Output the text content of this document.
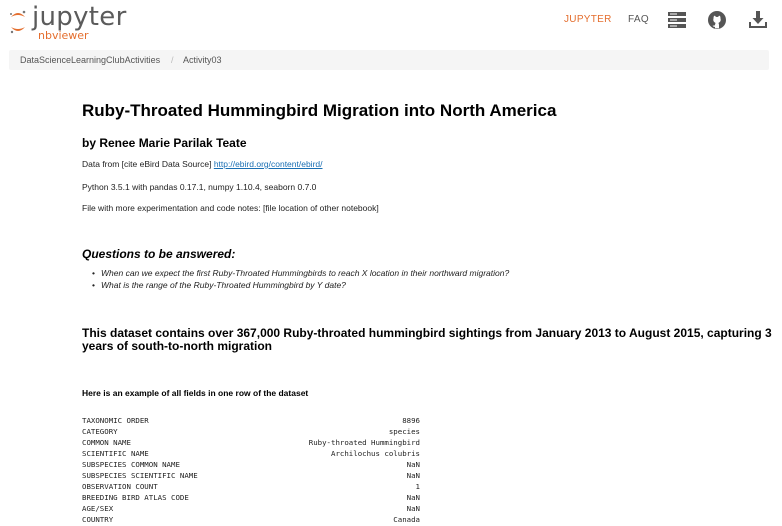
jupyter
nbviewer
JUPYTER FAQ
DataScienceLearningClubActivities / Activity03
Ruby-Throated Hummingbird Migration into North America
by Renee Marie Parilak Teate
Data from [cite eBird Data Source] http://ebird.org/content/ebird/
Python 3.5.1 with pandas 0.17.1, numpy 1.10.4, seaborn 0.7.0
File with more experimentation and code notes: [file location of other notebook]
Questions to be answered:
• When can we expect the first Ruby-Throated Hummingbirds to reach X location in their northward migration?
• What is the range of the Ruby-Throated Hummingbird by Y date?
This dataset contains over 367,000 Ruby-throated hummingbird sightings from January 2013 to August 2015, capturing 3 years of south-to-north migration
Here is an example of all fields in one row of the dataset
TAXONOMIC ORDER	8896
CATEGORY	species
COMMON NAME	Ruby-throated Hummingbird
SCIENTIFIC NAME	Archilochus colubris
SUBSPECIES COMMON NAME	NaN
SUBSPECIES SCIENTIFIC NAME	NaN
OBSERVATION COUNT	1
BREEDING BIRD ATLAS CODE	NaN
AGE/SEX	NaN
COUNTRY	Canada
